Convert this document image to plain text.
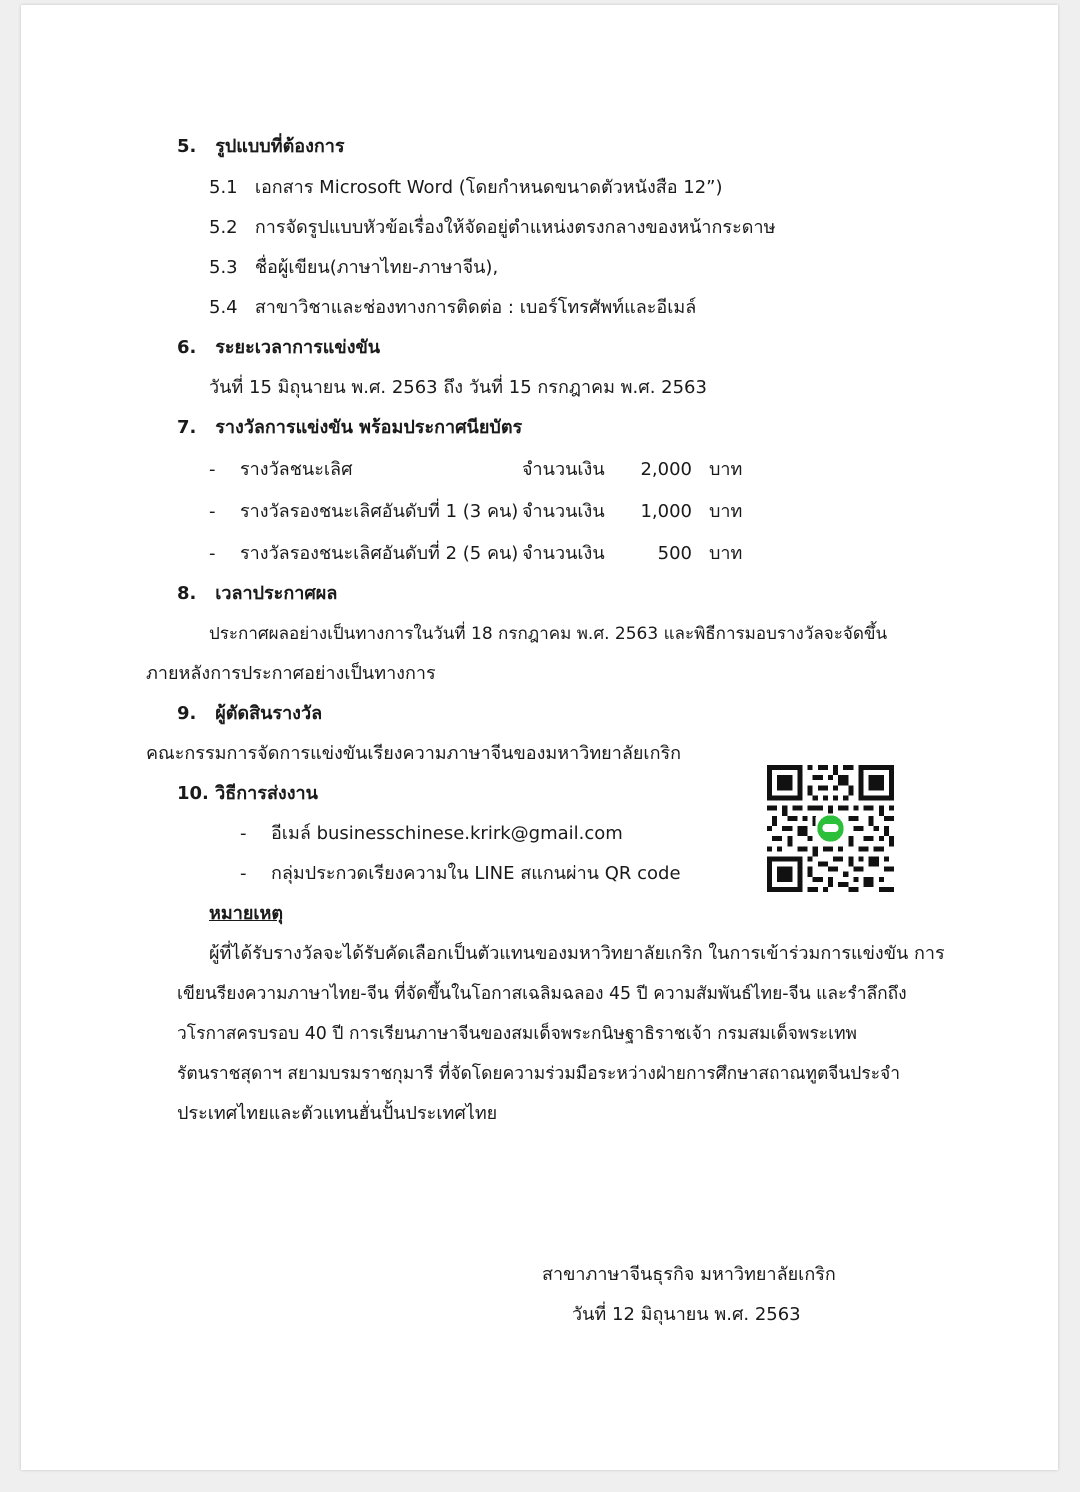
5. รูปแบบที่ต้องการ
5.1 เอกสาร Microsoft Word (โดยกำหนดขนาดตัวหนังสือ 12”)
5.2 การจัดรูปแบบหัวข้อเรื่องให้จัดอยู่ตำแหน่งตรงกลางของหน้ากระดาษ
5.3 ชื่อผู้เขียน(ภาษาไทย-ภาษาจีน),
5.4 สาขาวิชาและช่องทางการติดต่อ : เบอร์โทรศัพท์และอีเมล์
6. ระยะเวลาการแข่งขัน
วันที่ 15 มิถุนายน พ.ศ. 2563 ถึง วันที่ 15 กรกฎาคม พ.ศ. 2563
7. รางวัลการแข่งขัน พร้อมประกาศนียบัตร
- รางวัลชนะเลิศ	จำนวนเงิน	2,000 บาท
- รางวัลรองชนะเลิศอันดับที่ 1 (3 คน) จำนวนเงิน	1,000 บาท
- รางวัลรองชนะเลิศอันดับที่ 2 (5 คน) จำนวนเงิน	500 บาท
8. เวลาประกาศผล
ประกาศผลอย่างเป็นทางการในวันที่ 18 กรกฎาคม พ.ศ. 2563 และพิธีการมอบรางวัลจะจัดขึ้น
ภายหลังการประกาศอย่างเป็นทางการ
9. ผู้ตัดสินรางวัล
คณะกรรมการจัดการแข่งขันเรียงความภาษาจีนของมหาวิทยาลัยเกริก
10. วิธีการส่งงาน
- อีเมล์ businesschinese.krirk@gmail.com
- กลุ่มประกวดเรียงความใน LINE สแกนผ่าน QR code
หมายเหตุ
ผู้ที่ได้รับรางวัลจะได้รับคัดเลือกเป็นตัวแทนของมหาวิทยาลัยเกริก ในการเข้าร่วมการแข่งขัน การ
เขียนรียงความภาษาไทย-จีน ที่จัดขึ้นในโอกาสเฉลิมฉลอง 45 ปี ความสัมพันธ์ไทย-จีน และรำลึกถึง
วโรกาสครบรอบ 40 ปี การเรียนภาษาจีนของสมเด็จพระกนิษฐาธิราชเจ้า กรมสมเด็จพระเทพ
รัตนราชสุดาฯ สยามบรมราชกุมารี ที่จัดโดยความร่วมมือระหว่างฝ่ายการศึกษาสถาณทูตจีนประจำ
ประเทศไทยและตัวแทนฮั่นปั้นประเทศไทย
สาขาภาษาจีนธุรกิจ มหาวิทยาลัยเกริก
วันที่ 12 มิถุนายน พ.ศ. 2563
